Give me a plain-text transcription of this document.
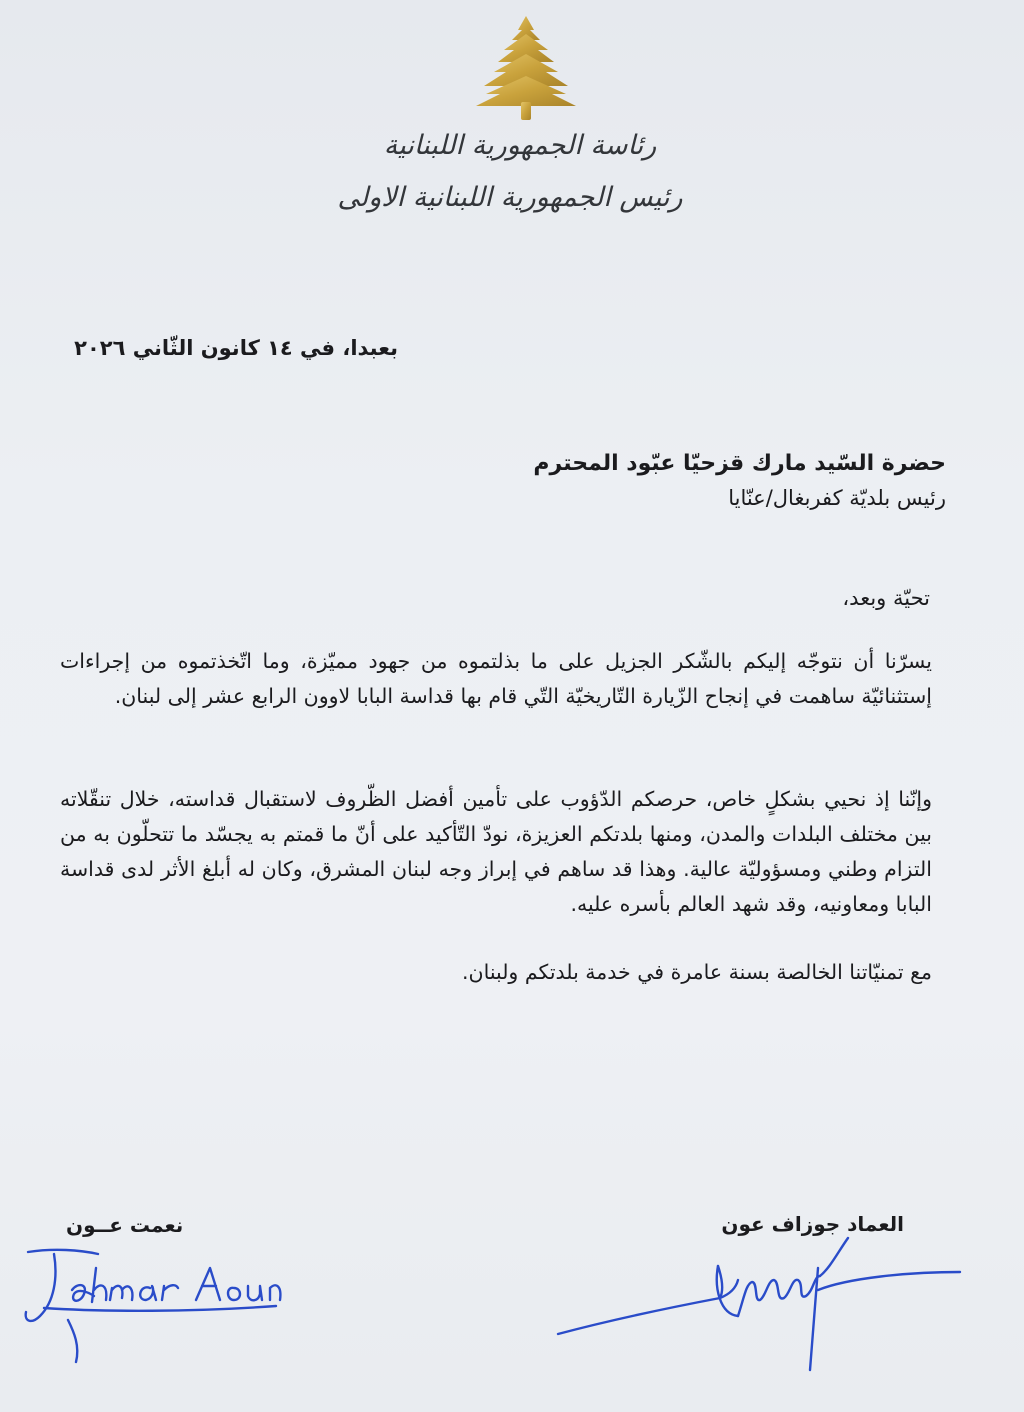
رئاسة الجمهورية اللبنانية
رئيس الجمهورية اللبنانية الاولى
بعبدا، في ١٤ كانون الثّاني ٢٠٢٦
حضرة السّيد مارك قزحيّا عبّود المحترم
رئيس بلديّة كفربغال/عنّايا
تحيّة وبعد،
يسرّنا أن نتوجّه إليكم بالشّكر الجزيل على ما بذلتموه من جهود مميّزة، وما اتّخذتموه من إجراءات إستثنائيّة ساهمت في إنجاح الزّيارة التّاريخيّة التّي قام بها قداسة البابا لاوون الرابع عشر إلى لبنان.
وإنّنا إذ نحيي بشكلٍ خاص، حرصكم الدّؤوب على تأمين أفضل الظّروف لاستقبال قداسته، خلال تنقّلاته بين مختلف البلدات والمدن، ومنها بلدتكم العزيزة، نودّ التّأكيد على أنّ ما قمتم به يجسّد ما تتحلّون به من التزام وطني ومسؤوليّة عالية. وهذا قد ساهم في إبراز وجه لبنان المشرق، وكان له أبلغ الأثر لدى قداسة البابا ومعاونيه، وقد شهد العالم بأسره عليه.
مع تمنيّاتنا الخالصة بسنة عامرة في خدمة بلدتكم ولبنان.
نعمت عــون	العماد جوزاف عون
